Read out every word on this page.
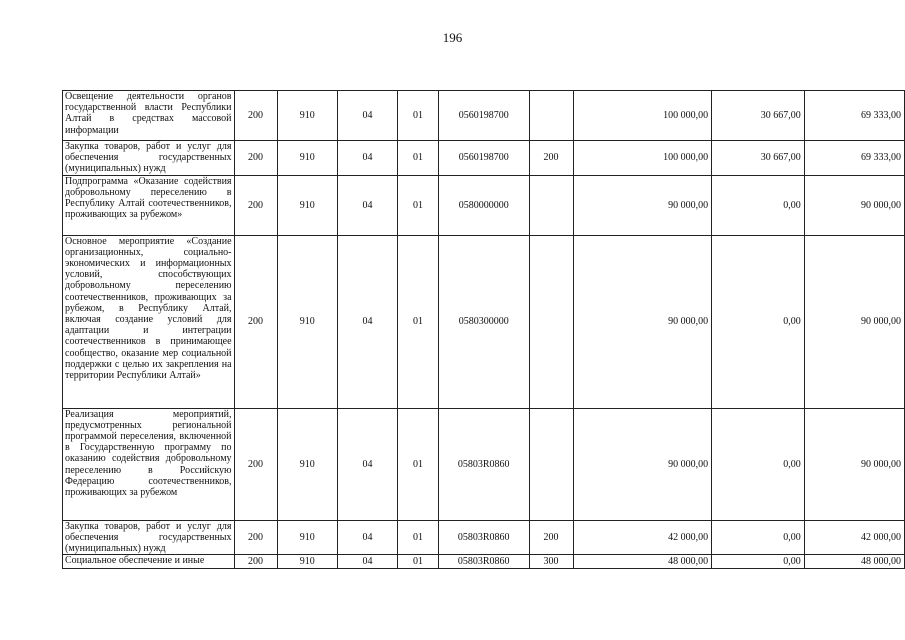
196
Освещение деятельности органов государственной власти Республики Алтай в средствах массовой информации	200	910	04	01	0560198700		100 000,00	30 667,00	69 333,00
Закупка товаров, работ и услуг для обеспечения государственных (муниципальных) нужд	200	910	04	01	0560198700	200	100 000,00	30 667,00	69 333,00
Подпрограмма «Оказание содействия добровольному переселению в Республику Алтай соотечественников, проживающих за рубежом»	200	910	04	01	0580000000		90 000,00	0,00	90 000,00
Основное мероприятие «Создание организационных, социально-экономических и информационных условий, способствующих добровольному переселению соотечественников, проживающих за рубежом, в Республику Алтай, включая создание условий для адаптации и интеграции соотечественников в принимающее сообщество, оказание мер социальной поддержки с целью их закрепления на территории Республики Алтай»	200	910	04	01	0580300000		90 000,00	0,00	90 000,00
Реализация мероприятий, предусмотренных региональной программой переселения, включенной в Государственную программу по оказанию содействия добровольному переселению в Российскую Федерацию соотечественников, проживающих за рубежом	200	910	04	01	05803R0860		90 000,00	0,00	90 000,00
Закупка товаров, работ и услуг для обеспечения государственных (муниципальных) нужд	200	910	04	01	05803R0860	200	42 000,00	0,00	42 000,00
Социальное обеспечение и иные	200	910	04	01	05803R0860	300	48 000,00	0,00	48 000,00
